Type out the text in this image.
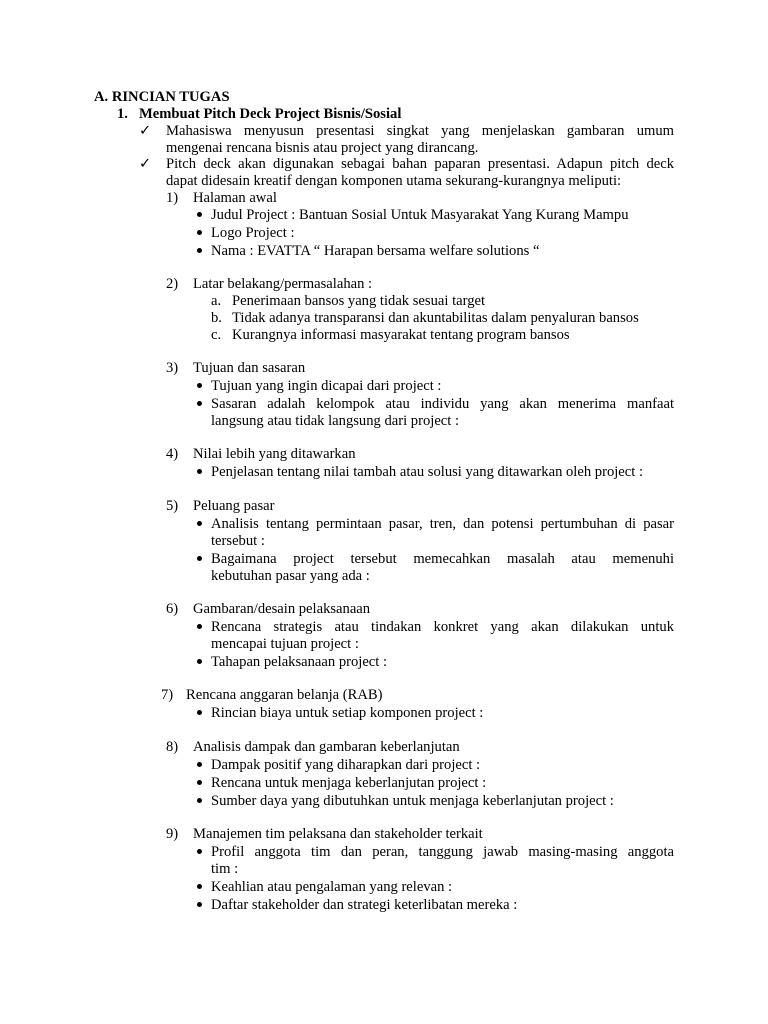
A. RINCIAN TUGAS
1. Membuat Pitch Deck Project Bisnis/Sosial
✓ Mahasiswa menyusun presentasi singkat yang menjelaskan gambaran umum
mengenai rencana bisnis atau project yang dirancang.
✓ Pitch deck akan digunakan sebagai bahan paparan presentasi. Adapun pitch deck
dapat didesain kreatif dengan komponen utama sekurang-kurangnya meliputi:
1) Halaman awal
Judul Project : Bantuan Sosial Untuk Masyarakat Yang Kurang Mampu
Logo Project :
Nama : EVATTA “ Harapan bersama welfare solutions “
2) Latar belakang/permasalahan :
a. Penerimaan bansos yang tidak sesuai target
b. Tidak adanya transparansi dan akuntabilitas dalam penyaluran bansos
c. Kurangnya informasi masyarakat tentang program bansos
3) Tujuan dan sasaran
Tujuan yang ingin dicapai dari project :
Sasaran adalah kelompok atau individu yang akan menerima manfaat
langsung atau tidak langsung dari project :
4) Nilai lebih yang ditawarkan
Penjelasan tentang nilai tambah atau solusi yang ditawarkan oleh project :
5) Peluang pasar
Analisis tentang permintaan pasar, tren, dan potensi pertumbuhan di pasar
tersebut :
Bagaimana project tersebut memecahkan masalah atau memenuhi
kebutuhan pasar yang ada :
6) Gambaran/desain pelaksanaan
Rencana strategis atau tindakan konkret yang akan dilakukan untuk
mencapai tujuan project :
Tahapan pelaksanaan project :
7) Rencana anggaran belanja (RAB)
Rincian biaya untuk setiap komponen project :
8) Analisis dampak dan gambaran keberlanjutan
Dampak positif yang diharapkan dari project :
Rencana untuk menjaga keberlanjutan project :
Sumber daya yang dibutuhkan untuk menjaga keberlanjutan project :
9) Manajemen tim pelaksana dan stakeholder terkait
Profil anggota tim dan peran, tanggung jawab masing-masing anggota
tim :
Keahlian atau pengalaman yang relevan :
Daftar stakeholder dan strategi keterlibatan mereka :
